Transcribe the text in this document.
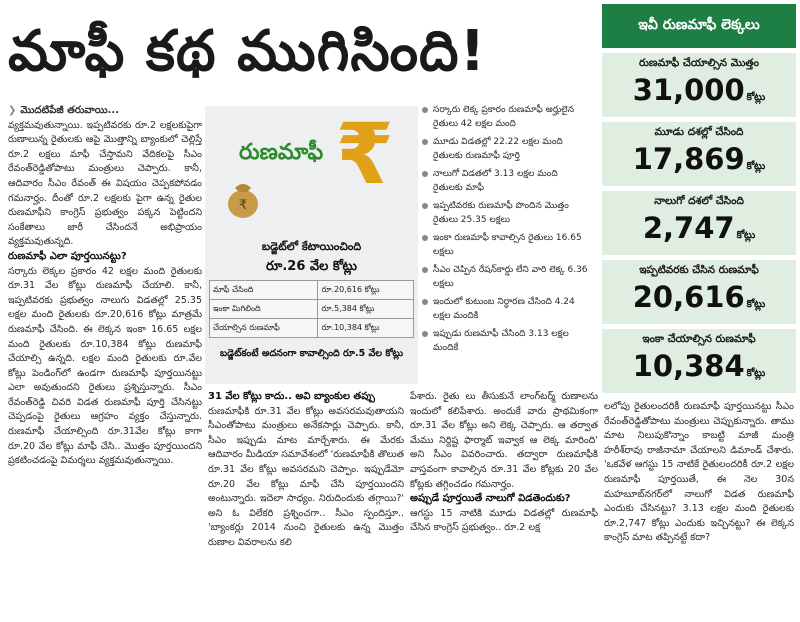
మాఫీ కథ ముగిసింది!
❯ మొదటిపేజీ తరువాయి...

వ్యక్తమవుతున్నాయి. ఇప్పటివరకు రూ.2 లక్షలకుపైగా రుణాలున్న రైతులకు ఆపై మొత్తాన్ని బ్యాంకులో చెల్లిస్తే రూ.2 లక్షలు మాఫీ చేస్తామని వేదికలపై సీఎం రేవంత్‌రెడ్డితోపాటు మంత్రులు చెప్పారు. కానీ, ఆదివారం సీఎం రేవంత్ ఈ విషయం చెప్పకపోవడం గమనార్హం. దీంతో రూ.2 లక్షలకు పైగా ఉన్న రైతుల రుణమాఫీని కాంగ్రెస్ ప్రభుత్వం పక్కన పెట్టిందని సంకేతాలు జారీ చేసిందనే అభిప్రాయం వ్యక్తమవుతున్నది.

రుణమాఫీ ఎలా పూర్తయినట్టు?

సర్కారు లెక్కల ప్రకారం 42 లక్షల మంది రైతులకు రూ.31 వేల కోట్లు రుణమాఫీ చేయాలి. కానీ, ఇప్పటివరకు ప్రభుత్వం నాలుగు విడతల్లో 25.35 లక్షల మంది రైతులకు రూ.20,616 కోట్లు మాత్రమే రుణమాఫీ చేసింది. ఈ లెక్కన ఇంకా 16.65 లక్షల మంది రైతులకు రూ.10,384 కోట్లు రుణమాఫీ చేయాల్సి ఉన్నది. లక్షల మంది రైతులకు రూ.వేల కోట్లు పెండింగ్‌లో ఉండగా రుణమాఫీ పూర్తయినట్టు ఎలా అవుతుందని రైతులు ప్రశ్నిస్తున్నారు. సీఎం రేవంత్‌రెడ్డి చివరి విడత రుణమాఫీ పూర్తి చేసినట్టు చెప్పడంపై రైతులు ఆగ్రహం వ్యక్తం చేస్తున్నారు. రుణమాఫీ చేయాల్సింది రూ.31వేల కోట్లు కాగా రూ.20 వేల కోట్లు మాఫీ చేసి.. మొత్తం పూర్తయిందని ప్రకటించడంపై విమర్శలు వ్యక్తమవుతున్నాయి.

₹
రుణమాఫీ ₹
బడ్జెట్‌లో కేటాయించింది
రూ.26 వేల కోట్లు
మాఫీ చేసింది	రూ.20,616 కోట్లు
ఇంకా మిగిలింది	రూ.5,384 కోట్లు
చేయాల్సిన రుణమాఫీ	రూ.10,384 కోట్లు
బడ్జెట్‌కంటే అదనంగా కావాల్సింది రూ.5 వేల కోట్లు
సర్కారు లెక్క ప్రకారం రుణమాఫీ అర్హులైన రైతులు 42 లక్షల మంది
మూడు విడతల్లో 22.22 లక్షల మంది రైతులకు రుణమాఫీ పూర్తి
నాలుగో విడతలో 3.13 లక్షల మంది రైతులకు మాఫీ
ఇప్పటివరకు రుణమాఫీ పొందిన మొత్తం రైతులు 25.35 లక్షలు
ఇంకా రుణమాఫీ కావాల్సిన రైతులు 16.65 లక్షలు
సీఎం చెప్పిన రేషన్‌కార్డు లేని వారి లెక్క 6.36 లక్షలు
ఇందులో కుటుంబ నిర్ధారణ చేసింది 4.24 లక్షల మందికి
ఇప్పుడు రుణమాఫీ చేసింది 3.13 లక్షల మందికే

31 వేల కోట్లు కాదు.. అవి బ్యాంకుల తప్పు

రుణమాఫీకి రూ.31 వేల కోట్లు అవసరమవుతాయని సీఎంతోపాటు మంత్రులు అనేకసార్లు చెప్పారు. కానీ, సీఎం ఇప్పుడు మాట మార్చేశారు. ఈ మేరకు ఆదివారం మీడియా సమావేశంలో 'రుణమాఫీకి తొలుత రూ.31 వేల కోట్లు అవసరమని చెప్పాం. ఇప్పుడేమో రూ.20 వేల కోట్లు మాఫీ చేసి పూర్తయిందని అంటున్నారు. ఇదెలా సాధ్యం. నిరుదిందుకు తగ్గాయి?' అని ఓ విలేకరి ప్రశ్నించగా.. సీఎం స్పందిస్తూ.. 'బ్యాంకర్లు 2014 నుంచి రైతులకు ఉన్న మొత్తం రుణాల వివరాలను కలి

పేశారు. రైతు లు తీసుకునే లాంగ్‌టర్మ్ రుణాలను ఇందులో కలిపేశారు. అందుకే వారు ప్రాథమికంగా రూ.31 వేల కోట్లు అని లెక్క చెప్పారు. ఆ తర్వాత మేము నిర్దిష్ట ఫార్మాట్ ఇవ్వాక ఆ లెక్క మారింది' అని సీఎం వివరించారు. తద్వారా రుణమాఫీకి వాస్తవంగా కావాల్సిన రూ.31 వేల కోట్లకు 20 వేల కోట్లకు తగ్గించడం గమనార్హం.

అప్పుడే పూర్తయితే నాలుగో విడతెందుకు?

ఆగస్టు 15 నాటికి మూడు విడతల్లో రుణమాఫీ చేసిన కాంగ్రెస్ ప్రభుత్వం.. రూ.2 లక్ష

లలోపు రైతులందరికీ రుణమాఫీ పూర్తయినట్టు సీఎం రేవంత్‌రెడ్డితోపాటు మంత్రులు చెప్పుకున్నారు. తాము మాట నిలుపుకొన్నాం కాబట్టి మాజీ మంత్రి హరీశ్‌రావు రాజీనామా చేయాలని డిమాండ్ చేశారు. 'ఒకవేళ ఆగస్టు 15 నాటికే రైతులందరికీ రూ.2 లక్షల రుణమాఫీ పూర్తయితే, ఈ నెల 30న మహబూబ్‌నగర్‌లో నాలుగో విడత రుణమాఫీ ఎందుకు చేసినట్టు? 3.13 లక్షల మంది రైతులకు రూ.2,747 కోట్లు ఎందుకు ఇచ్చినట్టు? ఈ లెక్కన కాంగ్రెస్ మాట తప్పినట్టే కదా?

ఇవీ రుణమాఫీ లెక్కలు
రుణమాఫీ చేయాల్సిన మొత్తం
31,000 కోట్లు
మూడు దశల్లో చేసింది
17,869 కోట్లు
నాలుగో దశలో చేసింది
2,747 కోట్లు
ఇప్పటివరకు చేసిన రుణమాఫీ
20,616 కోట్లు
ఇంకా చేయాల్సిన రుణమాఫీ
10,384 కోట్లు
